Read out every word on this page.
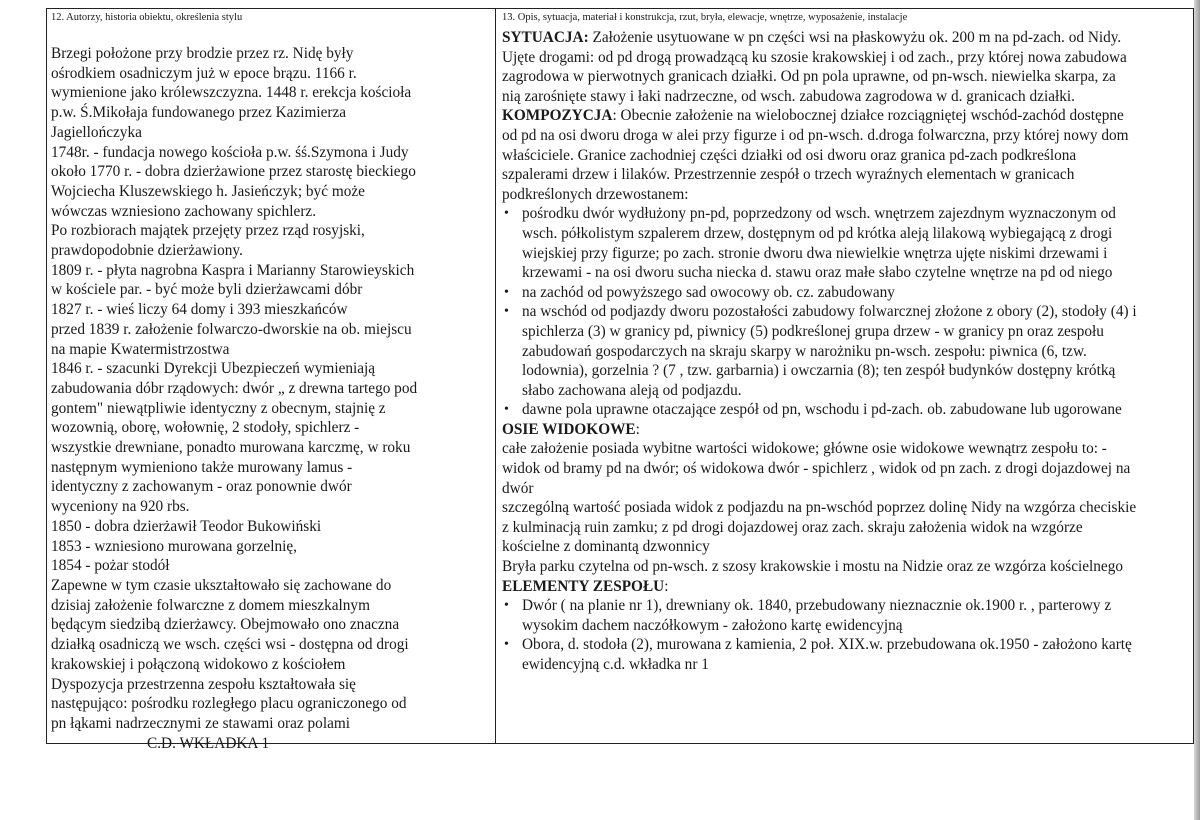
12. Autorzy, historia obiektu, określenia stylu

Brzegi położone przy brodzie przez rz. Nidę były

ośrodkiem osadniczym już w epoce brązu. 1166 r.

wymienione jako królewszczyzna. 1448 r. erekcja kościoła

p.w. Ś.Mikołaja fundowanego przez Kazimierza

Jagiellończyka

1748r. - fundacja nowego kościoła p.w. śś.Szymona i Judy

około 1770 r. - dobra dzierżawione przez starostę bieckiego

Wojciecha Kluszewskiego h. Jasieńczyk; być może

wówczas wzniesiono zachowany spichlerz.

Po rozbiorach majątek przejęty przez rząd rosyjski,

prawdopodobnie dzierżawiony.

1809 r. - płyta nagrobna Kaspra i Marianny Starowieyskich

w kościele par. - być może byli dzierżawcami dóbr

1827 r. - wieś liczy 64 domy i 393 mieszkańców

przed 1839 r. założenie folwarczo-dworskie na ob. miejscu

na mapie Kwatermistrzostwa

1846 r. - szacunki Dyrekcji Ubezpieczeń wymieniają

zabudowania dóbr rządowych: dwór „ z drewna tartego pod

gontem" niewątpliwie identyczny z obecnym, stajnię z

wozownią, oborę, wołownię, 2 stodoły, spichlerz -

wszystkie drewniane, ponadto murowana karczmę, w roku

następnym wymieniono także murowany lamus -

identyczny z zachowanym - oraz ponownie dwór

wyceniony na 920 rbs.

1850 - dobra dzierżawił Teodor Bukowiński

1853 - wzniesiono murowana gorzelnię,

1854 - pożar stodół

Zapewne w tym czasie ukształtowało się zachowane do

dzisiaj założenie folwarczne z domem mieszkalnym

będącym siedzibą dzierżawcy. Obejmowało ono znaczna

działką osadniczą we wsch. części wsi - dostępna od drogi

krakowskiej i połączoną widokowo z kościołem

Dyspozycja przestrzenna zespołu kształtowała się

następująco: pośrodku rozległego placu ograniczonego od

pn łąkami nadrzecznymi ze stawami oraz polami

C.D. WKŁADKA 1

13. Opis, sytuacja, materiał i konstrukcja, rzut, bryła, elewacje, wnętrze, wyposażenie, instalacje

SYTUACJA: Założenie usytuowane w pn części wsi na płaskowyżu ok. 200 m na pd-zach. od Nidy.

Ujęte drogami: od pd drogą prowadzącą ku szosie krakowskiej i od zach., przy której nowa zabudowa

zagrodowa w pierwotnych granicach działki. Od pn pola uprawne, od pn-wsch. niewielka skarpa, za

nią zarośnięte stawy i łaki nadrzeczne, od wsch. zabudowa zagrodowa w d. granicach działki.

KOMPOZYCJA: Obecnie założenie na wielobocznej działce rozciągniętej wschód-zachód dostępne

od pd na osi dworu droga w alei przy figurze i od pn-wsch. d.droga folwarczna, przy której nowy dom

właściciele. Granice zachodniej części działki od osi dworu oraz granica pd-zach podkreślona

szpalerami drzew i lilaków. Przestrzennie zespół o trzech wyraźnych elementach w granicach

podkreślonych drzewostanem:

• pośrodku dwór wydłużony pn-pd, poprzedzony od wsch. wnętrzem zajezdnym wyznaczonym od

wsch. półkolistym szpalerem drzew, dostępnym od pd krótka aleją lilakową wybiegającą z drogi

wiejskiej przy figurze; po zach. stronie dworu dwa niewielkie wnętrza ujęte niskimi drzewami i

krzewami - na osi dworu sucha niecka d. stawu oraz małe słabo czytelne wnętrze na pd od niego

• na zachód od powyższego sad owocowy ob. cz. zabudowany

• na wschód od podjazdy dworu pozostałości zabudowy folwarcznej złożone z obory (2), stodoły (4) i

spichlerza (3) w granicy pd, piwnicy (5) podkreślonej grupa drzew - w granicy pn oraz zespołu

zabudowań gospodarczych na skraju skarpy w narożniku pn-wsch. zespołu: piwnica (6, tzw.

lodownia), gorzelnia ? (7 , tzw. garbarnia) i owczarnia (8); ten zespół budynków dostępny krótką

słabo zachowana aleją od podjazdu.

• dawne pola uprawne otaczające zespół od pn, wschodu i pd-zach. ob. zabudowane lub ugorowane

OSIE WIDOKOWE:

całe założenie posiada wybitne wartości widokowe; główne osie widokowe wewnątrz zespołu to: -

widok od bramy pd na dwór; oś widokowa dwór - spichlerz , widok od pn zach. z drogi dojazdowej na

dwór

szczególną wartość posiada widok z podjazdu na pn-wschód poprzez dolinę Nidy na wzgórza checiskie

z kulminacją ruin zamku; z pd drogi dojazdowej oraz zach. skraju założenia widok na wzgórze

kościelne z dominantą dzwonnicy

Bryła parku czytelna od pn-wsch. z szosy krakowskie i mostu na Nidzie oraz ze wzgórza kościelnego

ELEMENTY ZESPOŁU:

• Dwór ( na planie nr 1), drewniany ok. 1840, przebudowany nieznacznie ok.1900 r. , parterowy z

wysokim dachem naczółkowym - założono kartę ewidencyjną

• Obora, d. stodoła (2), murowana z kamienia, 2 poł. XIX.w. przebudowana ok.1950 - założono kartę

ewidencyjną c.d. wkładka nr 1
